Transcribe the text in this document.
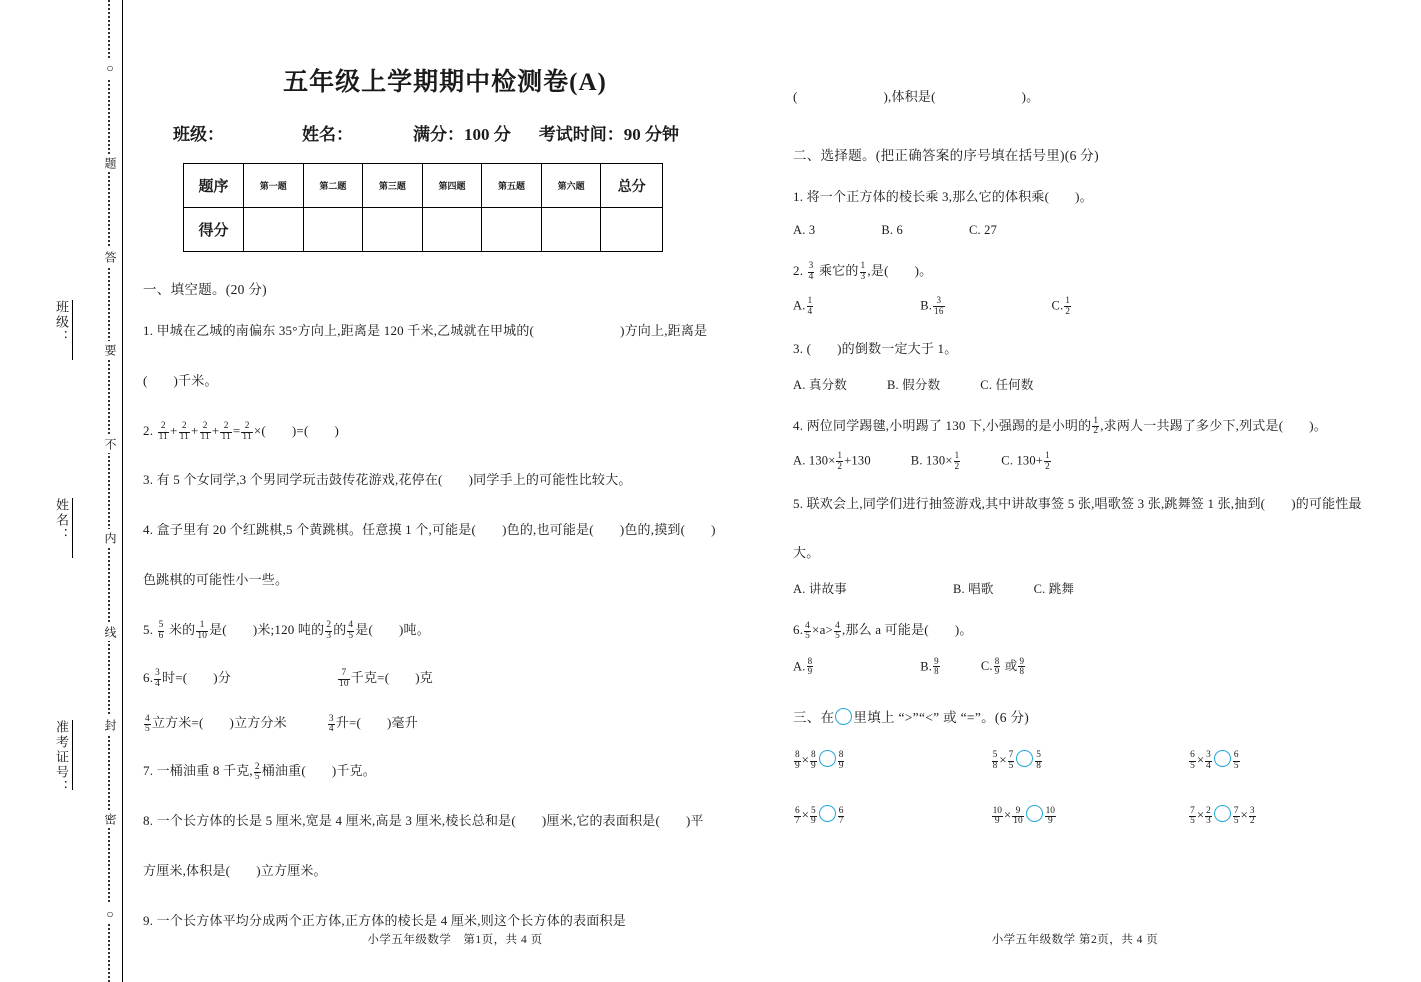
班级：
姓名：
准考证号：
○
题
答
要
不
内
线
封
密
○
五年级上学期期中检测卷(A)
班级：	姓名：	满分：100 分 考试时间：90 分钟
题序	第一题	第二题	第三题	第四题	第五题	第六题	总分
得分							
一、填空题。(20 分)
1. 甲城在乙城的南偏东 35°方向上,距离是 120 千米,乙城就在甲城的(	)方向上,距离是
( )千米。
2. $\frac{2}{11} + \frac{2}{11} + \frac{2}{11} + \frac{2}{11} = \frac{2}{11}$ ×( )=( )
3. 有 5 个女同学,3 个男同学玩击鼓传花游戏,花停在( )同学手上的可能性比较大。
4. 盒子里有 20 个红跳棋,5 个黄跳棋。任意摸 1 个,可能是( )色的,也可能是( )色的,摸到( )
色跳棋的可能性小一些。
5. $\frac{5}{6}$ 米的 $\frac{1}{10}$ 是( )米;120 吨的 $\frac{2}{3}$ 的 $\frac{4}{5}$ 是( )吨。
6. $\frac{3}{4}$ 时=( )分	$\frac{7}{10}$ 千克=( )克
$\frac{4}{5}$ 立方米=( )立方分米	$\frac{3}{4}$ 升=( )毫升
7. 一桶油重 8 千克, $\frac{2}{5}$ 桶油重( )千克。
8. 一个长方体的长是 5 厘米,宽是 4 厘米,高是 3 厘米,棱长总和是( )厘米,它的表面积是( )平
方厘米,体积是( )立方厘米。
9. 一个长方体平均分成两个正方体,正方体的棱长是 4 厘米,则这个长方体的表面积是
小学五年级数学　第1页，共 4 页
(	),体积是(	)。
二、选择题。(把正确答案的序号填在括号里)(6 分)
1. 将一个正方体的棱长乘 3,那么它的体积乘( )。
A. 3	B. 6	C. 27
2. $\frac{3}{4}$ 乘它的 $\frac{1}{3}$ ,是( )。
A. $\frac{1}{4}$	B. $\frac{3}{16}$	C. $\frac{1}{2}$
3. ( )的倒数一定大于 1。
A. 真分数	B. 假分数	C. 任何数
4. 两位同学踢毽,小明踢了 130 下,小强踢的是小明的 $\frac{1}{2}$ ,求两人一共踢了多少下,列式是( )。
A. $130\times \frac{1}{2} +130$	B. $130\times \frac{1}{2}$	C. $130+ \frac{1}{2}$
5. 联欢会上,同学们进行抽签游戏,其中讲故事签 5 张,唱歌签 3 张,跳舞签 1 张,抽到( )的可能性最
大。
A. 讲故事	B. 唱歌	C. 跳舞
6. $\frac{4}{5} \times a> \frac{4}{5}$ ,那么 a 可能是( )。
A. $\frac{8}{9}$	B. $\frac{9}{8}$	C. $\frac{8}{9}$ 或 $\frac{9}{8}$
三、在 里填上 “>”“<” 或 “=”。(6 分)
$\frac{8}{9} \times \frac{8}{9} \frac{8}{9}$	$\frac{5}{8} \times \frac{7}{5} \frac{5}{8}$	$\frac{6}{5} \times \frac{3}{4} \frac{6}{5}$
$\frac{6}{7} \times \frac{5}{9} \frac{6}{7}$	$\frac{10}{9} \times \frac{9}{10} \frac{10}{9}$	$\frac{7}{5} \times \frac{2}{3} \frac{7}{5} \times \frac{3}{2}$
小学五年级数学 第2页，共 4 页
